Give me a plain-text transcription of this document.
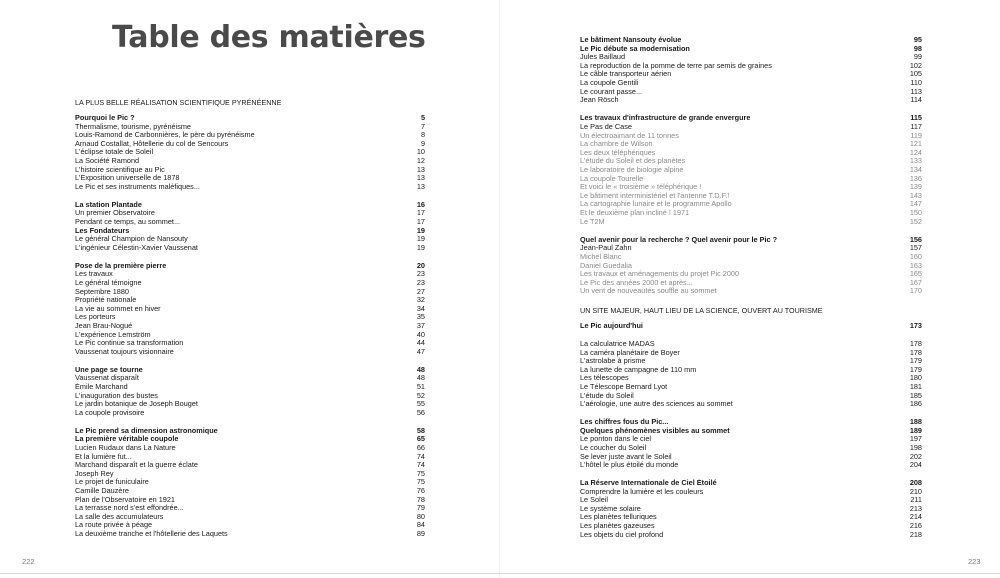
Table des matières
LA PLUS BELLE RÉALISATION SCIENTIFIQUE PYRÉNÉENNE
Pourquoi le Pic ?	5
Thermalisme, tourisme, pyrénéisme	7
Louis-Ramond de Carbonnières, le père du pyrénéisme	8
Arnaud Costallat, Hôtellerie du col de Sencours	9
L'éclipse totale de Soleil	10
La Société Ramond	12
L'histoire scientifique au Pic	13
L'Exposition universelle de 1878	13
Le Pic et ses instruments maléfiques...	13
La station Plantade	16
Un premier Observatoire	17
Pendant ce temps, au sommet...	17
Les Fondateurs	19
Le général Champion de Nansouty	19
L'ingénieur Célestin-Xavier Vaussenat	19
Pose de la première pierre	20
Les travaux	23
Le général témoigne	23
Septembre 1880	27
Propriété nationale	32
La vie au sommet en hiver	34
Les porteurs	35
Jean Brau-Nogué	37
L'expérience Lemström	40
Le Pic continue sa transformation	44
Vaussenat toujours visionnaire	47
Une page se tourne	48
Vaussenat disparaît	48
Émile Marchand	51
L'inauguration des bustes	52
Le jardin botanique de Joseph Bouget	55
La coupole provisoire	56
Le Pic prend sa dimension astronomique	58
La première véritable coupole	65
Lucien Rudaux dans La Nature	66
Et la lumière fut...	74
Marchand disparaît et la guerre éclate	74
Joseph Rey	75
Le projet de funiculaire	75
Camille Dauzère	76
Plan de l'Observatoire en 1921	78
La terrasse nord s'est effondrée...	79
La salle des accumulateurs	80
La route privée à péage	84
La deuxième tranche et l'hôtellerie des Laquets	89
222
Le bâtiment Nansouty évolue	95
Le Pic débute sa modernisation	98
Jules Baillaud	99
La reproduction de la pomme de terre par semis de graines	102
Le câble transporteur aérien	105
La coupole Gentili	110
Le courant passe...	113
Jean Rösch	114
Les travaux d'infrastructure de grande envergure	115
Le Pas de Case	117
Un électroaimant de 11 tonnes	119
La chambre de Wilson	121
Les deux téléphériques	124
L'étude du Soleil et des planètes	133
Le laboratoire de biologie alpine	134
La coupole Tourelle	136
Et voici le « troisième » téléphérique !	139
Le bâtiment interministériel et l'antenne T.D.F.!	143
La cartographie lunaire et le programme Apollo	147
Et le deuxième plan incliné ! 1971	150
Le T2M	152
Quel avenir pour la recherche ? Quel avenir pour le Pic ?	156
Jean-Paul Zahn	157
Michel Blanc	160
Daniel Guedalia	163
Les travaux et aménagements du projet Pic 2000	165
Le Pic des années 2000 et après...	167
Un vent de nouveautés souffle au sommet	170
UN SITE MAJEUR, HAUT LIEU DE LA SCIENCE, OUVERT AU TOURISME
Le Pic aujourd'hui	173
La calculatrice MADAS	178
La caméra planétaire de Boyer	178
L'astrolabe à prisme	179
La lunette de campagne de 110 mm	179
Les télescopes	180
Le Télescope Bernard Lyot	181
L'étude du Soleil	185
L'aérologie, une autre des sciences au sommet	186
Les chiffres fous du Pic...	188
Quelques phénomènes visibles au sommet	189
Le ponton dans le ciel	197
Le coucher du Soleil	198
Se lever juste avant le Soleil	202
L'hôtel le plus étoilé du monde	204
La Réserve Internationale de Ciel Étoilé	208
Comprendre la lumière et les couleurs	210
Le Soleil	211
Le système solaire	213
Les planètes telluriques	214
Les planètes gazeuses	216
Les objets du ciel profond	218
223
